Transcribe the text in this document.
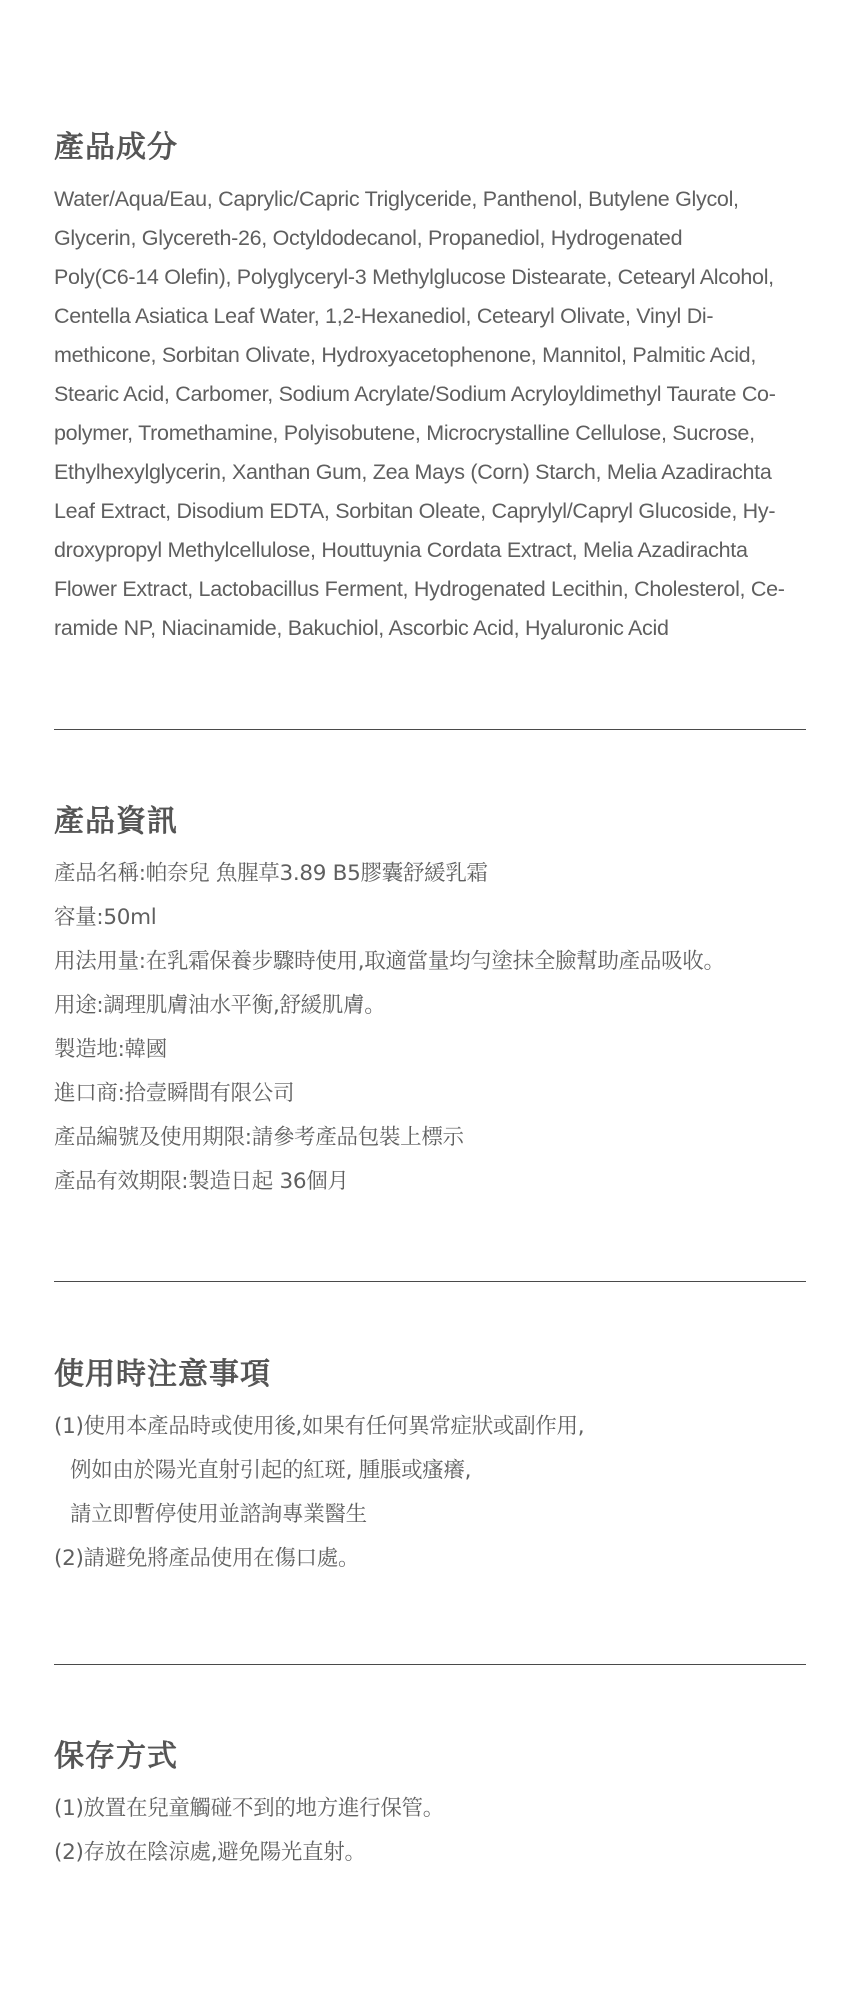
產品成分
Water/Aqua/Eau, Caprylic/Capric Triglyceride, Panthenol, Butylene Glycol,
Glycerin, Glycereth-26, Octyldodecanol, Propanediol, Hydrogenated
Poly(C6-14 Olefin), Polyglyceryl-3 Methylglucose Distearate, Cetearyl Alcohol,
Centella Asiatica Leaf Water, 1,2-Hexanediol, Cetearyl Olivate, Vinyl Di-
methicone, Sorbitan Olivate, Hydroxyacetophenone, Mannitol, Palmitic Acid,
Stearic Acid, Carbomer, Sodium Acrylate/Sodium Acryloyldimethyl Taurate Co-
polymer, Tromethamine, Polyisobutene, Microcrystalline Cellulose, Sucrose,
Ethylhexylglycerin, Xanthan Gum, Zea Mays (Corn) Starch, Melia Azadirachta
Leaf Extract, Disodium EDTA, Sorbitan Oleate, Caprylyl/Capryl Glucoside, Hy-
droxypropyl Methylcellulose, Houttuynia Cordata Extract, Melia Azadirachta
Flower Extract, Lactobacillus Ferment, Hydrogenated Lecithin, Cholesterol, Ce-
ramide NP, Niacinamide, Bakuchiol, Ascorbic Acid, Hyaluronic Acid
產品資訊
產品名稱:帕奈兒 魚腥草3.89 B5膠囊舒緩乳霜
容量:50ml
用法用量:在乳霜保養步驟時使用,取適當量均勻塗抹全臉幫助產品吸收。
用途:調理肌膚油水平衡,舒緩肌膚。
製造地:韓國
進口商:拾壹瞬間有限公司
產品編號及使用期限:請參考產品包裝上標示
產品有效期限:製造日起 36個月
使用時注意事項
(1)使用本產品時或使用後,如果有任何異常症狀或副作用,
例如由於陽光直射引起的紅斑, 腫脹或瘙癢,
請立即暫停使用並諮詢專業醫生
(2)請避免將產品使用在傷口處。
保存方式
(1)放置在兒童觸碰不到的地方進行保管。
(2)存放在陰涼處,避免陽光直射。
